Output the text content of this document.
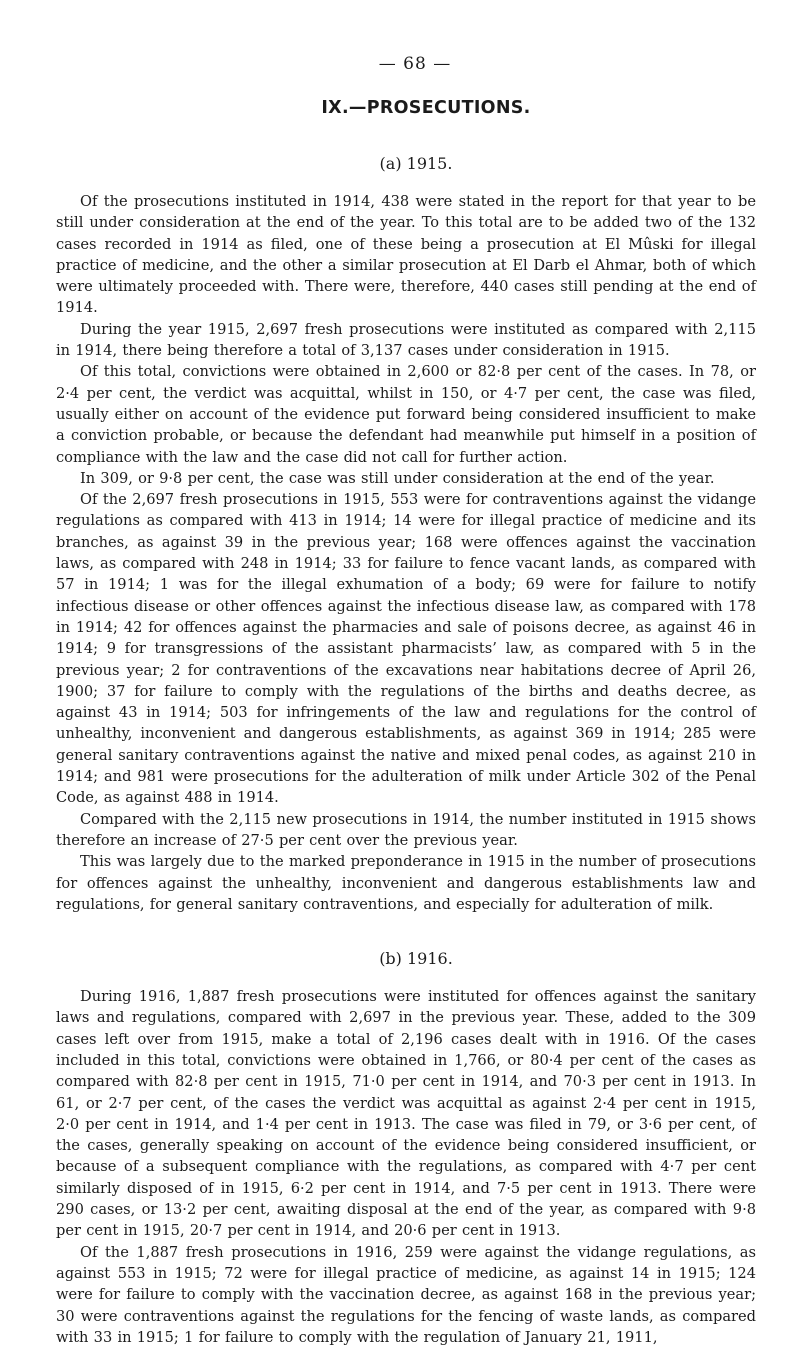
— 68 —
IX.—PROSECUTIONS.
(a) 1915.

Of the prosecutions instituted in 1914, 438 were stated in the report for that year to be still under consideration at the end of the year. To this total are to be added two of the 132 cases recorded in 1914 as filed, one of these being a prosecution at El Mûski for illegal practice of medicine, and the other a similar prosecution at El Darb el Ahmar, both of which were ultimately proceeded with. There were, therefore, 440 cases still pending at the end of 1914.

During the year 1915, 2,697 fresh prosecutions were instituted as compared with 2,115 in 1914, there being therefore a total of 3,137 cases under consideration in 1915.

Of this total, convictions were obtained in 2,600 or 82·8 per cent of the cases. In 78, or 2·4 per cent, the verdict was acquittal, whilst in 150, or 4·7 per cent, the case was filed, usually either on account of the evidence put forward being considered insufficient to make a conviction probable, or because the defendant had meanwhile put himself in a position of compliance with the law and the case did not call for further action.

In 309, or 9·8 per cent, the case was still under consideration at the end of the year.

Of the 2,697 fresh prosecutions in 1915, 553 were for contraventions against the vidange regulations as compared with 413 in 1914; 14 were for illegal practice of medicine and its branches, as against 39 in the previous year; 168 were offences against the vaccination laws, as compared with 248 in 1914; 33 for failure to fence vacant lands, as compared with 57 in 1914; 1 was for the illegal exhumation of a body; 69 were for failure to notify infectious disease or other offences against the infectious disease law, as compared with 178 in 1914; 42 for offences against the pharmacies and sale of poisons decree, as against 46 in 1914; 9 for transgressions of the assistant pharmacists’ law, as compared with 5 in the previous year; 2 for contraventions of the excavations near habitations decree of April 26, 1900; 37 for failure to comply with the regulations of the births and deaths decree, as against 43 in 1914; 503 for infringements of the law and regulations for the control of unhealthy, inconvenient and dangerous establishments, as against 369 in 1914; 285 were general sanitary contraventions against the native and mixed penal codes, as against 210 in 1914; and 981 were prosecutions for the adulteration of milk under Article 302 of the Penal Code, as against 488 in 1914.

Compared with the 2,115 new prosecutions in 1914, the number instituted in 1915 shows therefore an increase of 27·5 per cent over the previous year.

This was largely due to the marked preponderance in 1915 in the number of prosecutions for offences against the unhealthy, inconvenient and dangerous establishments law and regulations, for general sanitary contraventions, and especially for adulteration of milk.

(b) 1916.

During 1916, 1,887 fresh prosecutions were instituted for offences against the sanitary laws and regulations, compared with 2,697 in the previous year. These, added to the 309 cases left over from 1915, make a total of 2,196 cases dealt with in 1916. Of the cases included in this total, convictions were obtained in 1,766, or 80·4 per cent of the cases as compared with 82·8 per cent in 1915, 71·0 per cent in 1914, and 70·3 per cent in 1913. In 61, or 2·7 per cent, of the cases the verdict was acquittal as against 2·4 per cent in 1915, 2·0 per cent in 1914, and 1·4 per cent in 1913. The case was filed in 79, or 3·6 per cent, of the cases, generally speaking on account of the evidence being considered insufficient, or because of a subsequent compliance with the regulations, as compared with 4·7 per cent similarly disposed of in 1915, 6·2 per cent in 1914, and 7·5 per cent in 1913. There were 290 cases, or 13·2 per cent, awaiting disposal at the end of the year, as compared with 9·8 per cent in 1915, 20·7 per cent in 1914, and 20·6 per cent in 1913.

Of the 1,887 fresh prosecutions in 1916, 259 were against the vidange regulations, as against 553 in 1915; 72 were for illegal practice of medicine, as against 14 in 1915; 124 were for failure to comply with the vaccination decree, as against 168 in the previous year; 30 were contraventions against the regulations for the fencing of waste lands, as compared with 33 in 1915; 1 for failure to comply with the regulation of January 21, 1911,
